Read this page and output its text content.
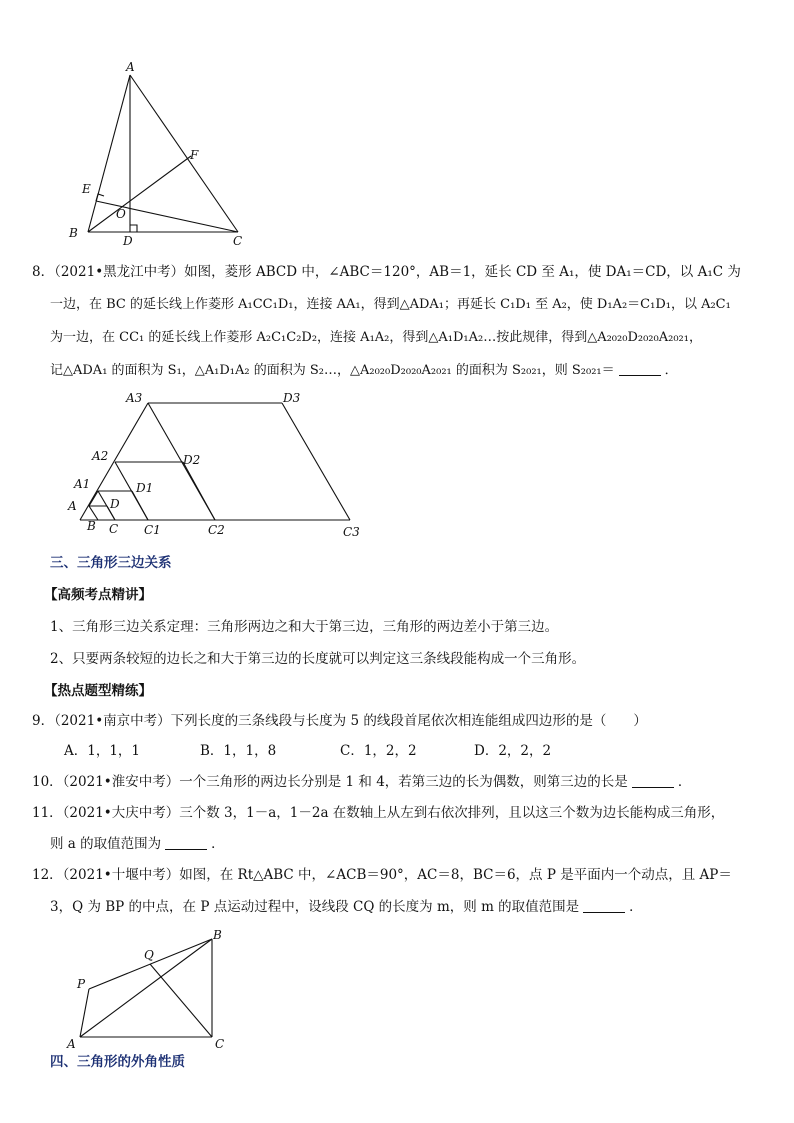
A
F
E
O
B
D	C
8．（2021•黑龙江中考）如图，菱形 ABCD 中，∠ABC＝120°，AB＝1，延长 CD 至 A₁，使 DA₁＝CD，以 A₁C 为
一边，在 BC 的延长线上作菱形 A₁CC₁D₁，连接 AA₁，得到△ADA₁；再延长 C₁D₁ 至 A₂，使 D₁A₂＝C₁D₁，以 A₂C₁
为一边，在 CC₁ 的延长线上作菱形 A₂C₁C₂D₂，连接 A₁A₂，得到△A₁D₁A₂…按此规律，得到△A₂₀₂₀D₂₀₂₀A₂₀₂₁，
记△ADA₁ 的面积为 S₁，△A₁D₁A₂ 的面积为 S₂…，△A₂₀₂₀D₂₀₂₀A₂₀₂₁ 的面积为 S₂₀₂₁，则 S₂₀₂₁＝	．
A3	D3
A2	D2
A1	D1
A	D
B C C1	C2	C3
三、三角形三边关系
【高频考点精讲】
1、三角形三边关系定理：三角形两边之和大于第三边，三角形的两边差小于第三边。
2、只要两条较短的边长之和大于第三边的长度就可以判定这三条线段能构成一个三角形。
【热点题型精练】
9．（2021•南京中考）下列长度的三条线段与长度为 5 的线段首尾依次相连能组成四边形的是（　　）
A．1，1，1	B．1，1，8	C．1，2，2	D．2，2，2
10．（2021•淮安中考）一个三角形的两边长分别是 1 和 4，若第三边的长为偶数，则第三边的长是	．
11．（2021•大庆中考）三个数 3，1－a，1－2a 在数轴上从左到右依次排列，且以这三个数为边长能构成三角形，
则 a 的取值范围为	．
12．（2021•十堰中考）如图，在 Rt△ABC 中，∠ACB＝90°，AC＝8，BC＝6，点 P 是平面内一个动点，且 AP＝
3，Q 为 BP 的中点，在 P 点运动过程中，设线段 CQ 的长度为 m，则 m 的取值范围是	．
B
Q
P
A	C
四、三角形的外角性质
